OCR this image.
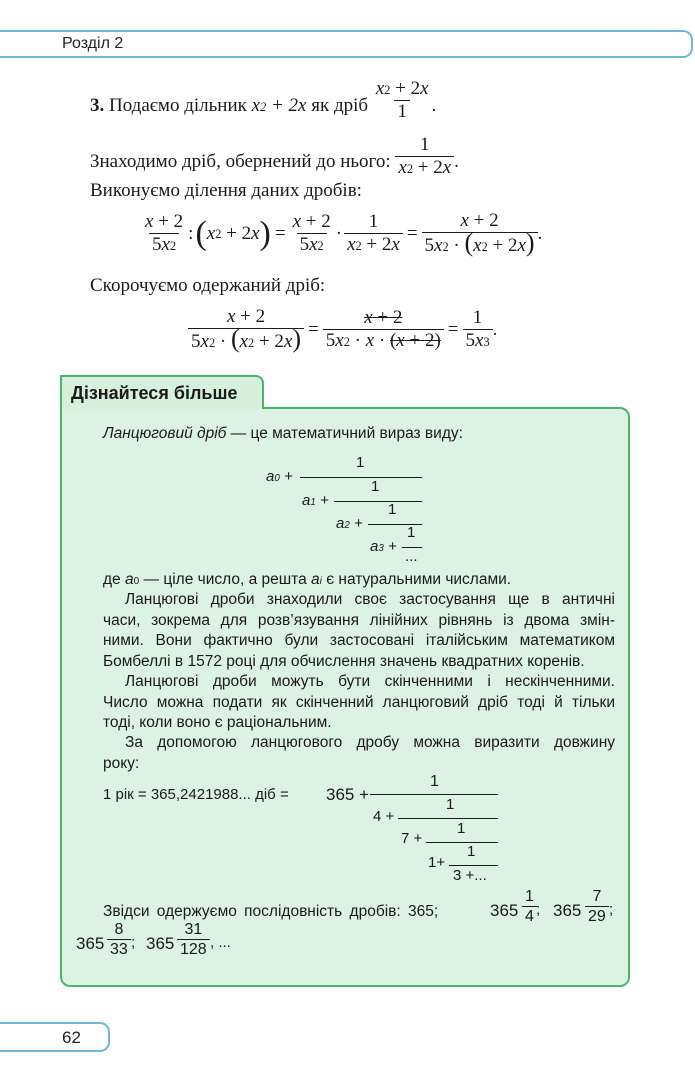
Розділ 2
3. Подаємо дільник $x^2 + 2x$ як дріб $\frac{x^2 + 2x}{1}$ .
Знаходимо дріб, обернений до нього: $\frac{1}{x^2 + 2x}$ .
Виконуємо ділення даних дробів:
$\frac{x + 2}{5x^2}$ : ( x 2 + 2 x ) = $\frac{x + 2}{5x^2} \cdot \frac{1}{x^2 + 2x} = \frac{x + 2}{5x^2 \cdot (x^2 + 2x)}$ .
Скорочуємо одержаний дріб:
$\frac{x + 2}{5x^2 \cdot (x^2 + 2x)} = \frac{x + 2}{5x^2 \cdot x \cdot (x + 2)} = \frac{1}{5x^3}$ .
Дізнайтеся більше
Ланцюговий дріб — це математичний вираз виду:
$a_0$ +
1
$a_1$ +
1
$a_2$ +
1
$a_3$ +
1
...
де $a_0$ — ціле число, а решта $a_i$ є натуральними числами.
Ланцюгові дроби знаходили своє застосування ще в античні
часи, зокрема для розв’язування лінійних рівнянь із двома змін-
ними. Вони фактично були застосовані італійським математиком
Бомбеллі в 1572 році для обчислення значень квадратних коренів.
Ланцюгові дроби можуть бути скінченними і нескінченними.
Число можна подати як скінченний ланцюговий дріб тоді й тільки
тоді, коли воно є раціональним.
За допомогою ланцюгового дробу можна виразити довжину
року:
1 рік = 365,2421988... діб = 365 +
1
4 +
1
7 +
1
1+
1
3 +...
Звідси одержуємо послідовність дробів: 365;	$365 \frac{1}{4}$ ; $365 \frac{7}{29}$ ;
$365 \frac{8}{33}$ ; $365 \frac{31}{128}$ , ...
62
